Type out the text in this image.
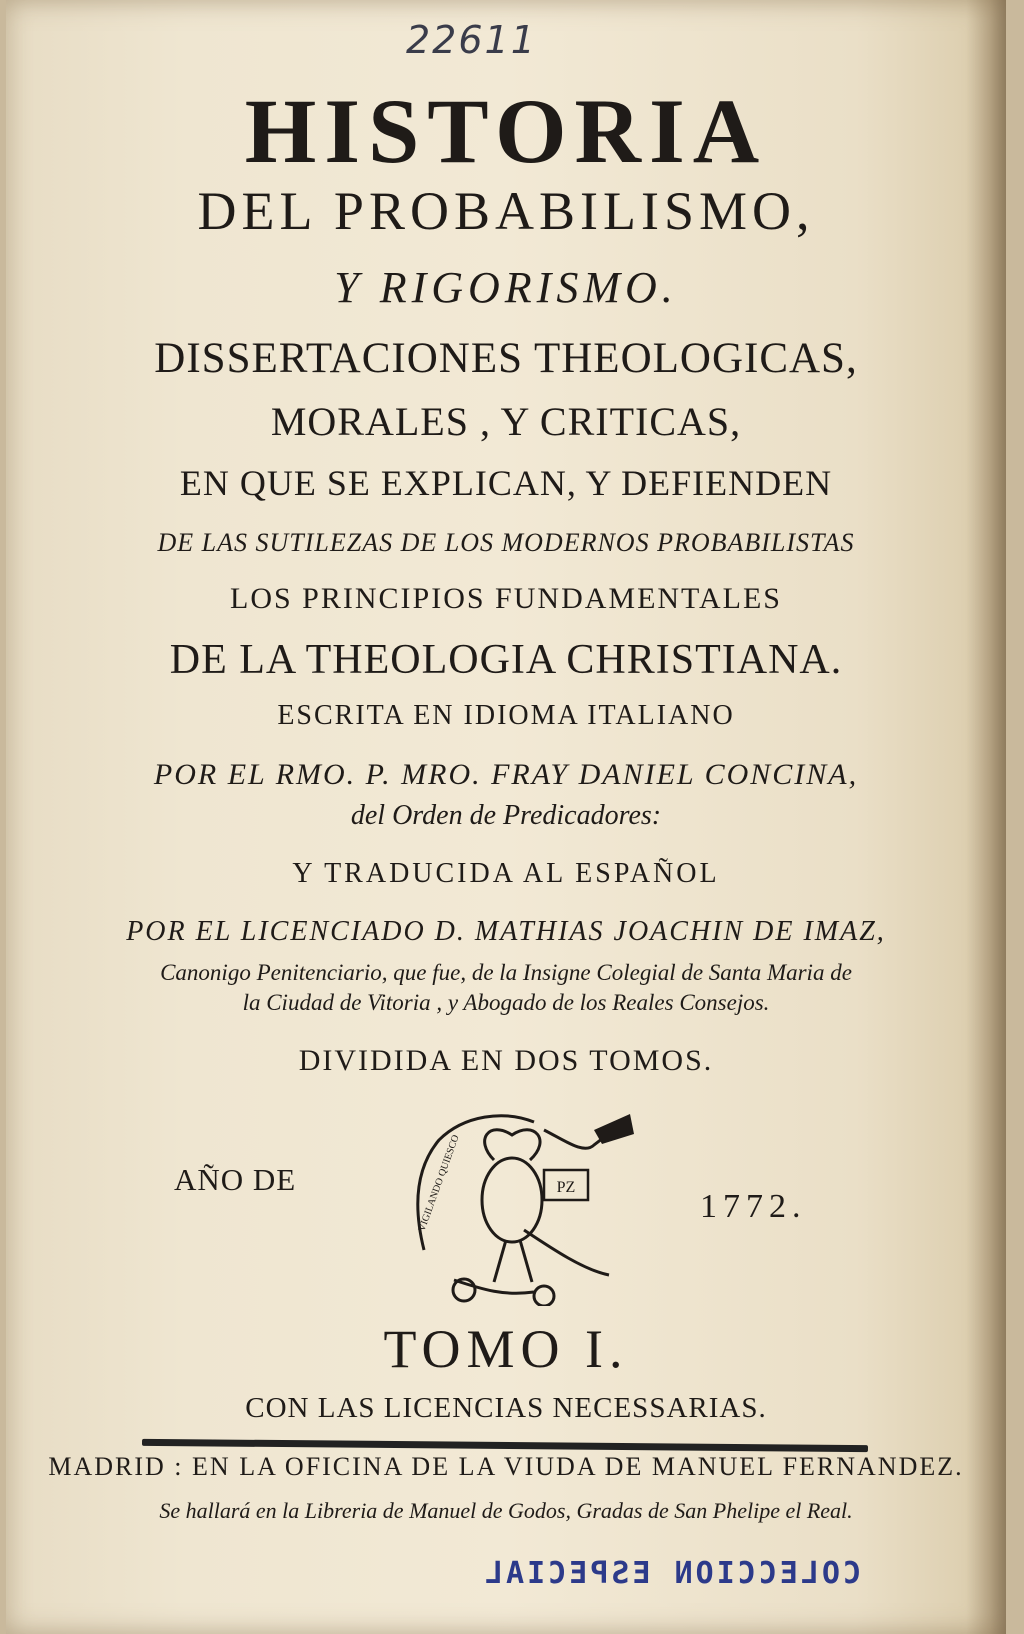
22611
HISTORIA
DEL PROBABILISMO,
Y RIGORISMO.
DISSERTACIONES THEOLOGICAS,
MORALES , Y CRITICAS,
EN QUE SE EXPLICAN, Y DEFIENDEN
DE LAS SUTILEZAS DE LOS MODERNOS PROBABILISTAS
LOS PRINCIPIOS FUNDAMENTALES
DE LA THEOLOGIA CHRISTIANA.
ESCRITA EN IDIOMA ITALIANO
POR EL RMO. P. MRO. FRAY DANIEL CONCINA,
del Orden de Predicadores:
Y TRADUCIDA AL ESPAÑOL
POR EL LICENCIADO D. MATHIAS JOACHIN DE IMAZ,
Canonigo Penitenciario, que fue, de la Insigne Colegial de Santa Maria de
la Ciudad de Vitoria , y Abogado de los Reales Consejos.
DIVIDIDA EN DOS TOMOS.
AÑO DE
1772.
PZ
VIGILANDO QUIESCO
TOMO I.
CON LAS LICENCIAS NECESSARIAS.
MADRID : EN LA OFICINA DE LA VIUDA DE MANUEL FERNANDEZ.
Se hallará en la Libreria de Manuel de Godos, Gradas de San Phelipe el Real.
COLECCION ESPECIAL
